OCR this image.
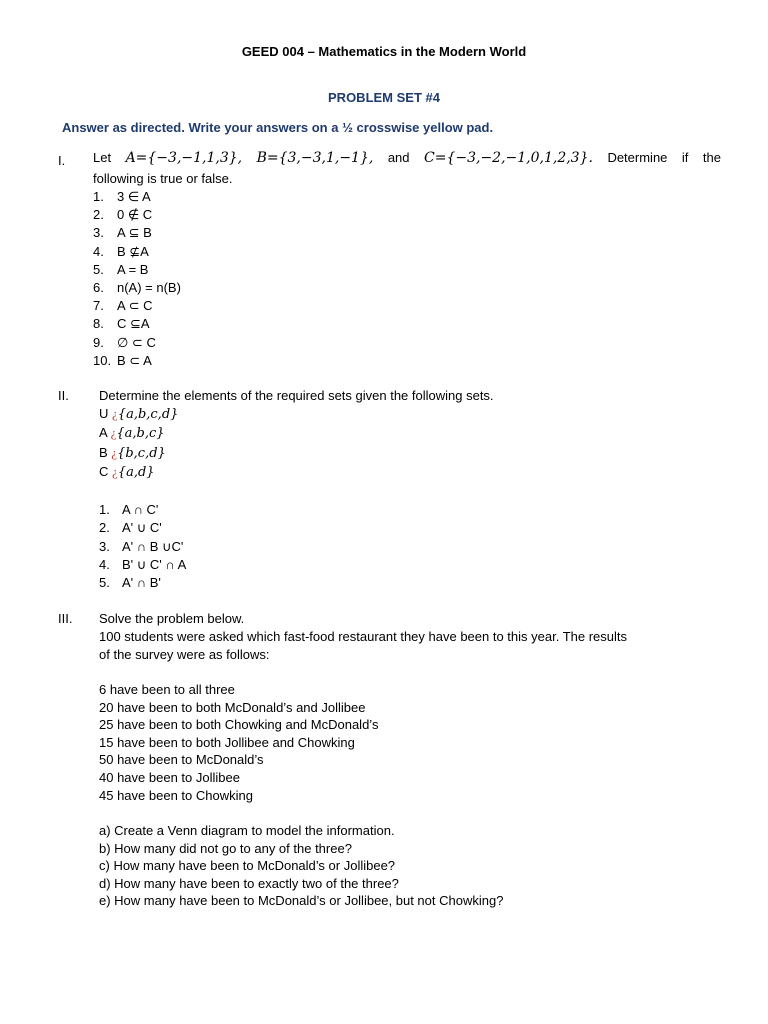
GEED 004 – Mathematics in the Modern World
PROBLEM SET #4
Answer as directed. Write your answers on a ½ crosswise yellow pad.
I. Let A={−3,−1,1,3}, B={3,−3,1,−1}, and C={−3,−2,−1,0,1,2,3}. Determine if the
following is true or false.
1. 3 ∈ A
2. 0 ∉ C
3. A ⊆ B
4. B ⊈A
5. A = B
6. n(A) = n(B)
7. A ⊂ C
8. C ⊆A
9. ∅ ⊂ C
10. B ⊂ A
II. Determine the elements of the required sets given the following sets.
U ¿{a,b,c,d}
A ¿{a,b,c}
B ¿{b,c,d}
C ¿{a,d}
1. A ∩ C'
2. A' ∪ C'
3. A' ∩ B ∪C'
4. B' ∪ C' ∩ A
5. A' ∩ B'
III. Solve the problem below.
100 students were asked which fast-food restaurant they have been to this year. The results
of the survey were as follows:
6 have been to all three
20 have been to both McDonald’s and Jollibee
25 have been to both Chowking and McDonald’s
15 have been to both Jollibee and Chowking
50 have been to McDonald’s
40 have been to Jollibee
45 have been to Chowking
a) Create a Venn diagram to model the information.
b) How many did not go to any of the three?
c) How many have been to McDonald’s or Jollibee?
d) How many have been to exactly two of the three?
e) How many have been to McDonald’s or Jollibee, but not Chowking?
